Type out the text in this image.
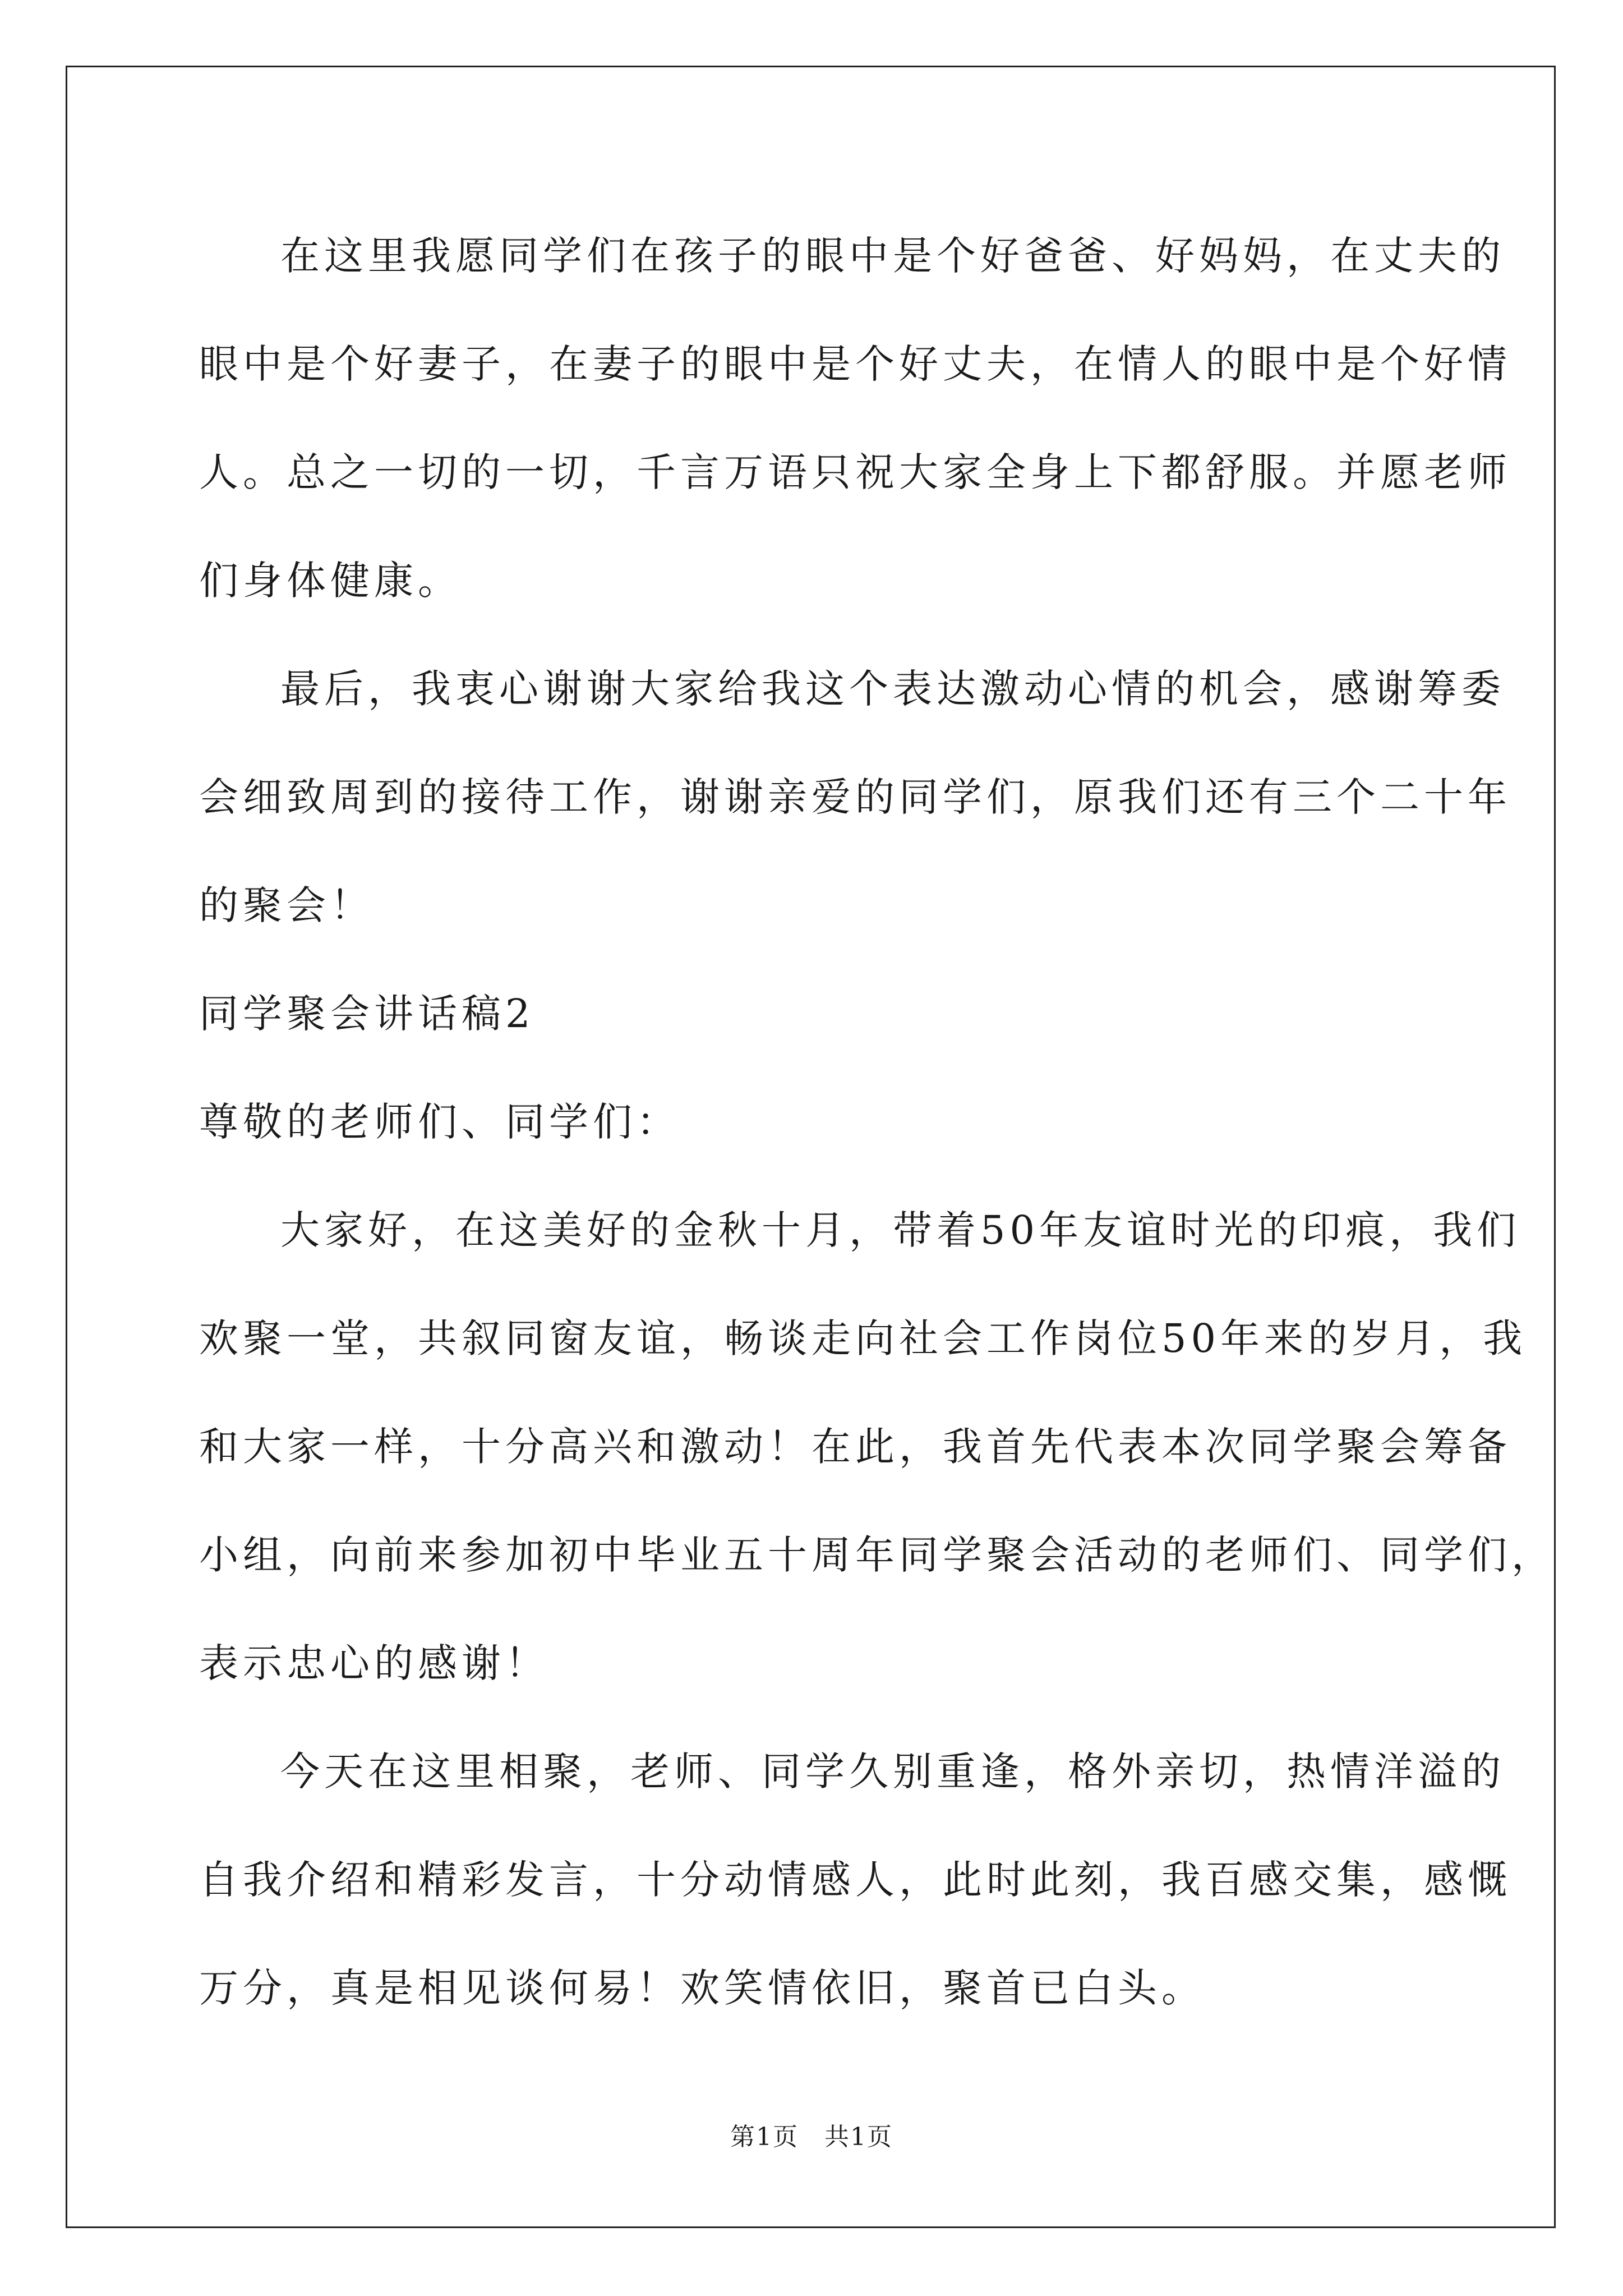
在这里我愿同学们在孩子的眼中是个好爸爸、好妈妈，在丈夫的
眼中是个好妻子，在妻子的眼中是个好丈夫，在情人的眼中是个好情
人。总之一切的一切，千言万语只祝大家全身上下都舒服。并愿老师
们身体健康。
最后，我衷心谢谢大家给我这个表达激动心情的机会，感谢筹委
会细致周到的接待工作，谢谢亲爱的同学们，原我们还有三个二十年
的聚会！
同学聚会讲话稿2
尊敬的老师们、同学们：
大家好，在这美好的金秋十月，带着50年友谊时光的印痕，我们
欢聚一堂，共叙同窗友谊，畅谈走向社会工作岗位50年来的岁月，我
和大家一样，十分高兴和激动！在此，我首先代表本次同学聚会筹备
小组，向前来参加初中毕业五十周年同学聚会活动的老师们、同学们，
表示忠心的感谢！
今天在这里相聚，老师、同学久别重逢，格外亲切，热情洋溢的
自我介绍和精彩发言，十分动情感人，此时此刻，我百感交集，感慨
万分，真是相见谈何易！欢笑情依旧，聚首已白头。
第1页　共1页
